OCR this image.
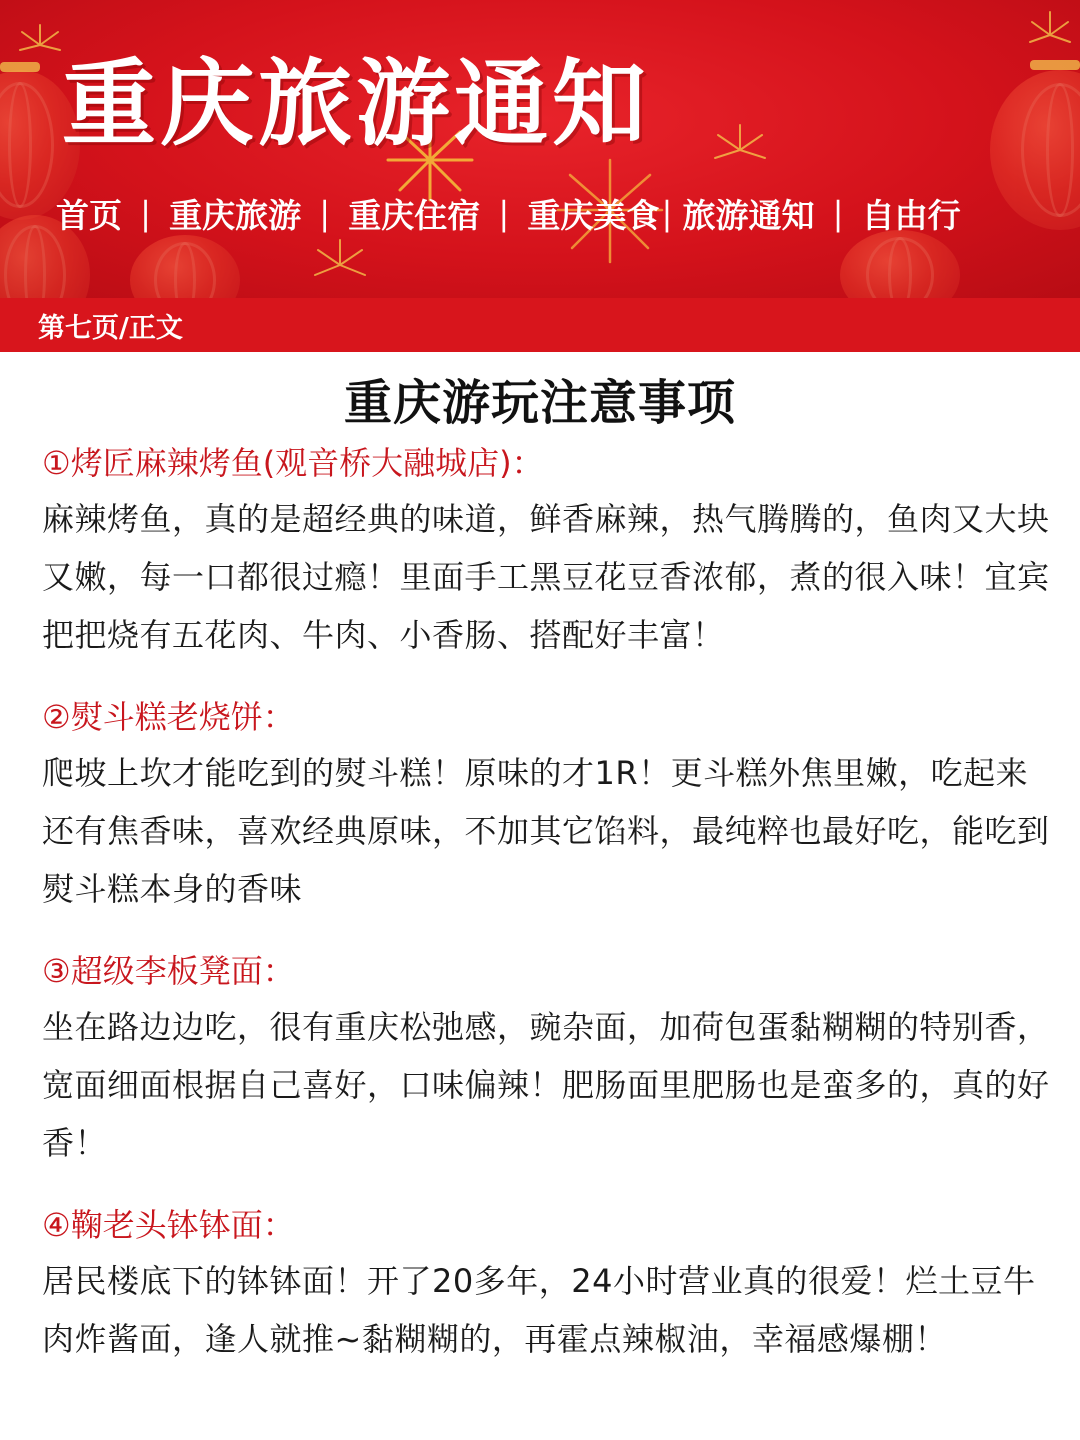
重庆旅游通知
首页 | 重庆旅游 | 重庆住宿 | 重庆美食 | 旅游通知 | 自由行
第七页/正文
重庆游玩注意事项
①烤匠麻辣烤鱼(观音桥大融城店)：
麻辣烤鱼，真的是超经典的味道，鲜香麻辣，热气腾腾的，鱼肉又大块又嫩，每一口都很过瘾！里面手工黑豆花豆香浓郁，煮的很入味！宜宾把把烧有五花肉、牛肉、小香肠、搭配好丰富！
②熨斗糕老烧饼：
爬坡上坎才能吃到的熨斗糕！原味的才1R！更斗糕外焦里嫩，吃起来还有焦香味，喜欢经典原味，不加其它馅料，最纯粹也最好吃，能吃到熨斗糕本身的香味
③超级李板凳面：
坐在路边边吃，很有重庆松弛感，豌杂面，加荷包蛋黏糊糊的特别香，宽面细面根据自己喜好，口味偏辣！肥肠面里肥肠也是蛮多的，真的好香！
④鞠老头钵钵面：
居民楼底下的钵钵面！开了20多年，24小时营业真的很爱！烂土豆牛肉炸酱面，逢人就推~黏糊糊的，再霍点辣椒油，幸福感爆棚！
